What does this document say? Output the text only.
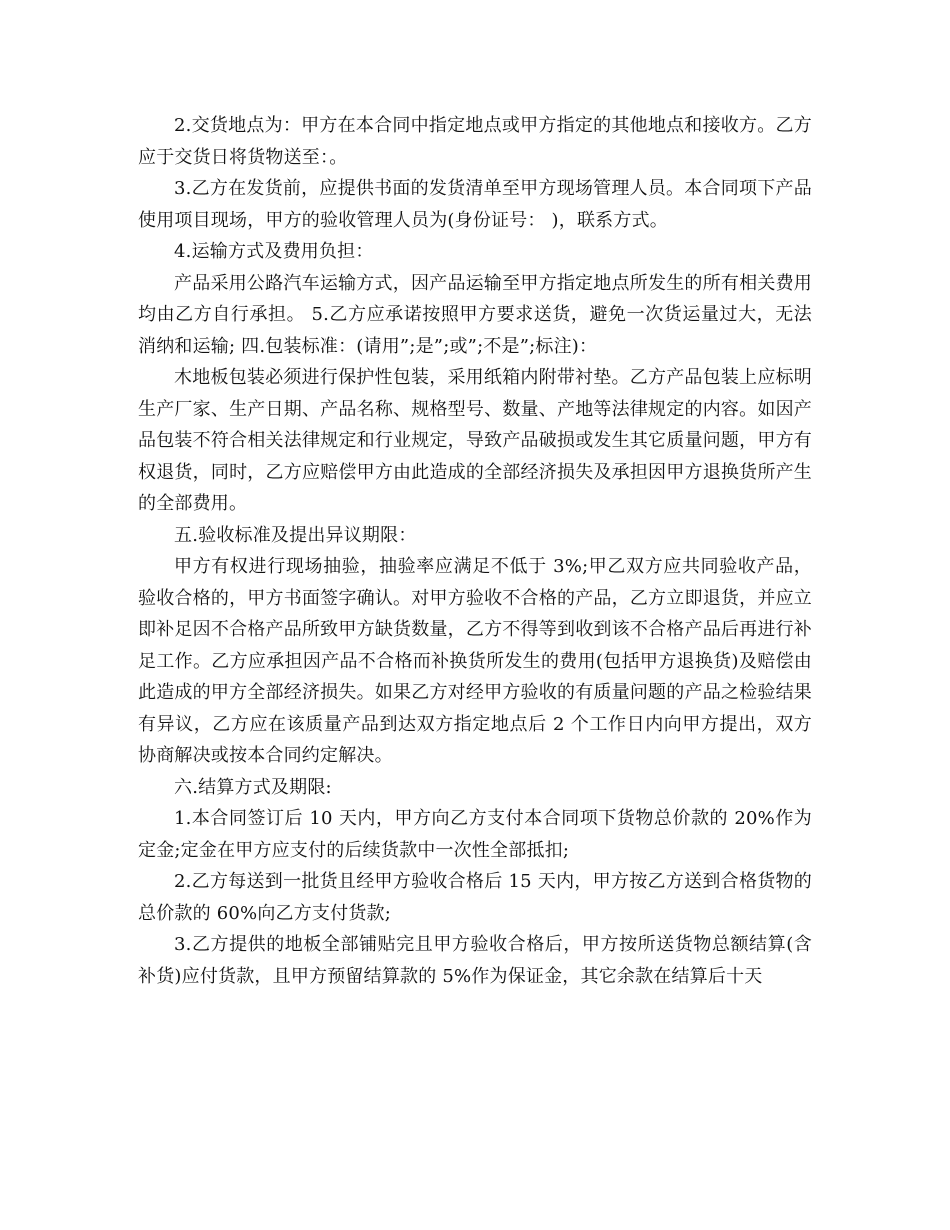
2.交货地点为：甲方在本合同中指定地点或甲方指定的其他地点和接收方。乙方应于交货日将货物送至：。

3.乙方在发货前，应提供书面的发货清单至甲方现场管理人员。本合同项下产品使用项目现场，甲方的验收管理人员为(身份证号： )，联系方式。

4.运输方式及费用负担：

产品采用公路汽车运输方式，因产品运输至甲方指定地点所发生的所有相关费用均由乙方自行承担。 5.乙方应承诺按照甲方要求送货，避免一次货运量过大，无法消纳和运输; 四.包装标准：(请用”;是”;或”;不是”;标注)：

木地板包装必须进行保护性包装，采用纸箱内附带衬垫。乙方产品包装上应标明生产厂家、生产日期、产品名称、规格型号、数量、产地等法律规定的内容。如因产品包装不符合相关法律规定和行业规定，导致产品破损或发生其它质量问题，甲方有权退货，同时，乙方应赔偿甲方由此造成的全部经济损失及承担因甲方退换货所产生的全部费用。

五.验收标准及提出异议期限：

甲方有权进行现场抽验，抽验率应满足不低于 3%;甲乙双方应共同验收产品，验收合格的，甲方书面签字确认。对甲方验收不合格的产品，乙方立即退货，并应立即补足因不合格产品所致甲方缺货数量，乙方不得等到收到该不合格产品后再进行补足工作。乙方应承担因产品不合格而补换货所发生的费用(包括甲方退换货)及赔偿由此造成的甲方全部经济损失。如果乙方对经甲方验收的有质量问题的产品之检验结果有异议，乙方应在该质量产品到达双方指定地点后 2 个工作日内向甲方提出，双方协商解决或按本合同约定解决。

六.结算方式及期限:

1.本合同签订后 10 天内，甲方向乙方支付本合同项下货物总价款的 20%作为定金;定金在甲方应支付的后续货款中一次性全部抵扣;

2.乙方每送到一批货且经甲方验收合格后 15 天内，甲方按乙方送到合格货物的总价款的 60%向乙方支付货款;

3.乙方提供的地板全部铺贴完且甲方验收合格后，甲方按所送货物总额结算(含补货)应付货款，且甲方预留结算款的 5%作为保证金，其它余款在结算后十天
